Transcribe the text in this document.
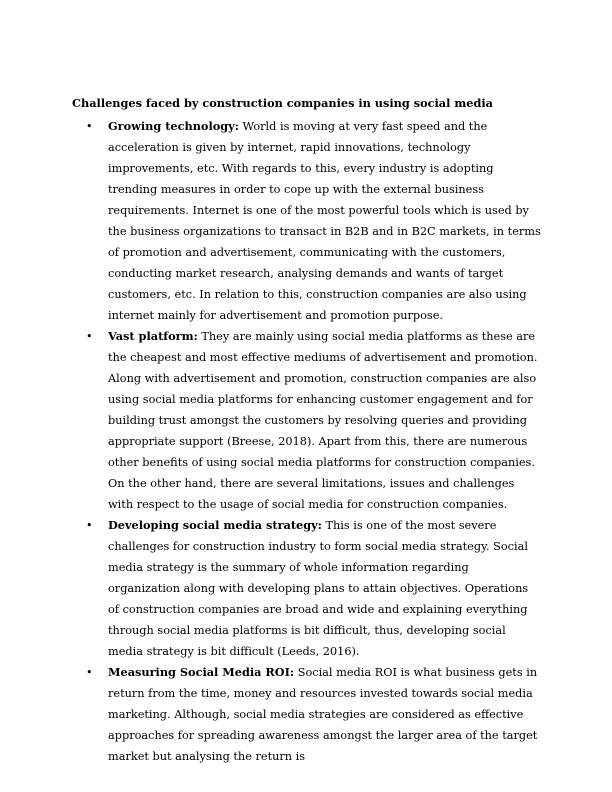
Challenges faced by construction companies in using social media
• Growing technology: World is moving at very fast speed and the acceleration is given by internet, rapid innovations, technology improvements, etc. With regards to this, every industry is adopting trending measures in order to cope up with the external business requirements. Internet is one of the most powerful tools which is used by the business organizations to transact in B2B and in B2C markets, in terms of promotion and advertisement, communicating with the customers, conducting market research, analysing demands and wants of target customers, etc. In relation to this, construction companies are also using internet mainly for advertisement and promotion purpose.
• Vast platform: They are mainly using social media platforms as these are the cheapest and most effective mediums of advertisement and promotion. Along with advertisement and promotion, construction companies are also using social media platforms for enhancing customer engagement and for building trust amongst the customers by resolving queries and providing appropriate support (Breese, 2018). Apart from this, there are numerous other benefits of using social media platforms for construction companies. On the other hand, there are several limitations, issues and challenges with respect to the usage of social media for construction companies.
• Developing social media strategy: This is one of the most severe challenges for construction industry to form social media strategy. Social media strategy is the summary of whole information regarding organization along with developing plans to attain objectives. Operations of construction companies are broad and wide and explaining everything through social media platforms is bit difficult, thus, developing social media strategy is bit difficult (Leeds, 2016).
• Measuring Social Media ROI: Social media ROI is what business gets in return from the time, money and resources invested towards social media marketing. Although, social media strategies are considered as effective approaches for spreading awareness amongst the larger area of the target market but analysing the return is
